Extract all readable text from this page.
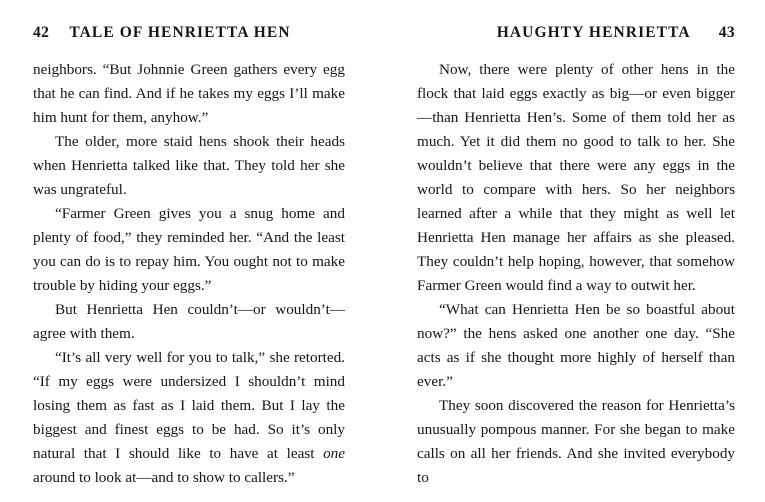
42 TALE OF HENRIETTA HEN

neighbors. “But Johnnie Green gathers every egg that he can find. And if he takes my eggs I’ll make him hunt for them, anyhow.”

The older, more staid hens shook their heads when Henrietta talked like that. They told her she was ungrateful.

“Farmer Green gives you a snug home and plenty of food,” they reminded her. “And the least you can do is to repay him. You ought not to make trouble by hiding your eggs.”

But Henrietta Hen couldn’t—or wouldn’t—agree with them.

“It’s all very well for you to talk,” she retorted. “If my eggs were undersized I shouldn’t mind losing them as fast as I laid them. But I lay the biggest and finest eggs to be had. So it’s only natural that I should like to have at least one around to look at—and to show to callers.”

HAUGHTY HENRIETTA 43

Now, there were plenty of other hens in the flock that laid eggs exactly as big—or even bigger—than Henrietta Hen’s. Some of them told her as much. Yet it did them no good to talk to her. She wouldn’t believe that there were any eggs in the world to compare with hers. So her neighbors learned after a while that they might as well let Henrietta Hen manage her affairs as she pleased. They couldn’t help hoping, however, that somehow Farmer Green would find a way to outwit her.

“What can Henrietta Hen be so boastful about now?” the hens asked one another one day. “She acts as if she thought more highly of herself than ever.”

They soon discovered the reason for Henrietta’s unusually pompous manner. For she began to make calls on all her friends. And she invited everybody to
